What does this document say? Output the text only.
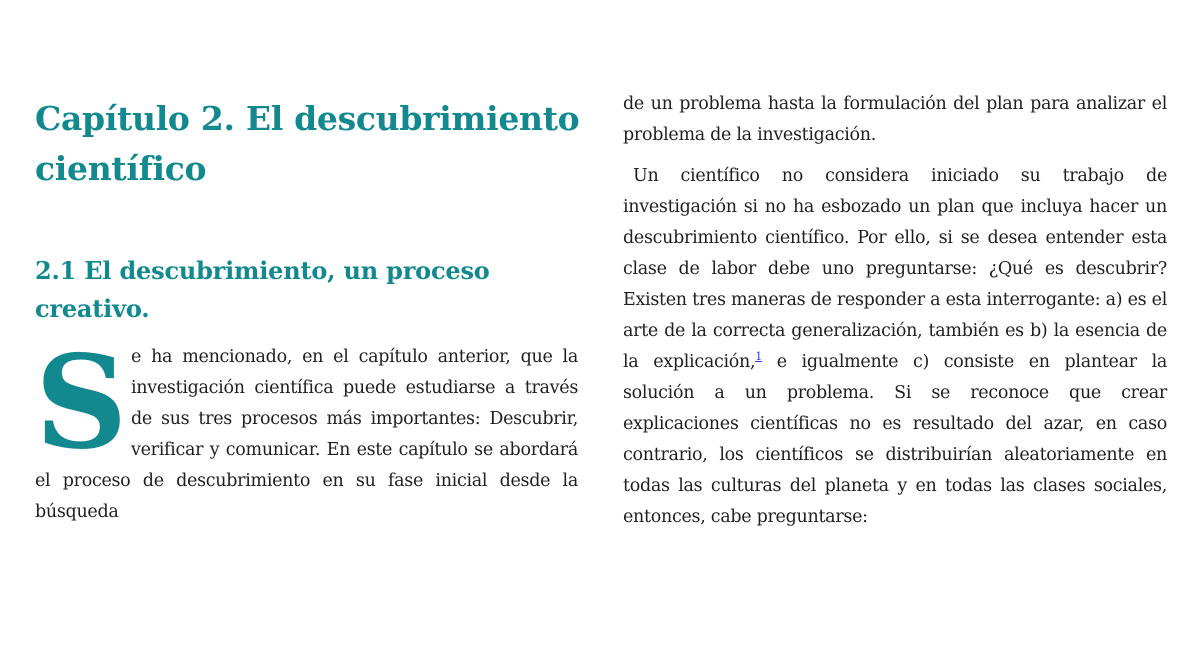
Capítulo 2. El descubrimiento científico
2.1 El descubrimiento, un proceso creativo.

Se ha mencionado, en el capítulo anterior, que la investigación científica puede estudiarse a través de sus tres procesos más importantes: Descubrir, verificar y comunicar. En este capítulo se abordará el proceso de descubrimiento en su fase inicial desde la búsqueda

de un problema hasta la formulación del plan para analizar el problema de la investigación.

Un científico no considera iniciado su trabajo de investigación si no ha esbozado un plan que incluya hacer un descubrimiento científico. Por ello, si se desea entender esta clase de labor debe uno preguntarse: ¿Qué es descubrir? Existen tres maneras de responder a esta interrogante: a) es el arte de la correcta generalización, también es b) la esencia de la explicación,$^1$ e igualmente c) consiste en plantear la solución a un problema. Si se reconoce que crear explicaciones científicas no es resultado del azar, en caso contrario, los científicos se distribuirían aleatoriamente en todas las culturas del planeta y en todas las clases sociales, entonces, cabe preguntarse:
